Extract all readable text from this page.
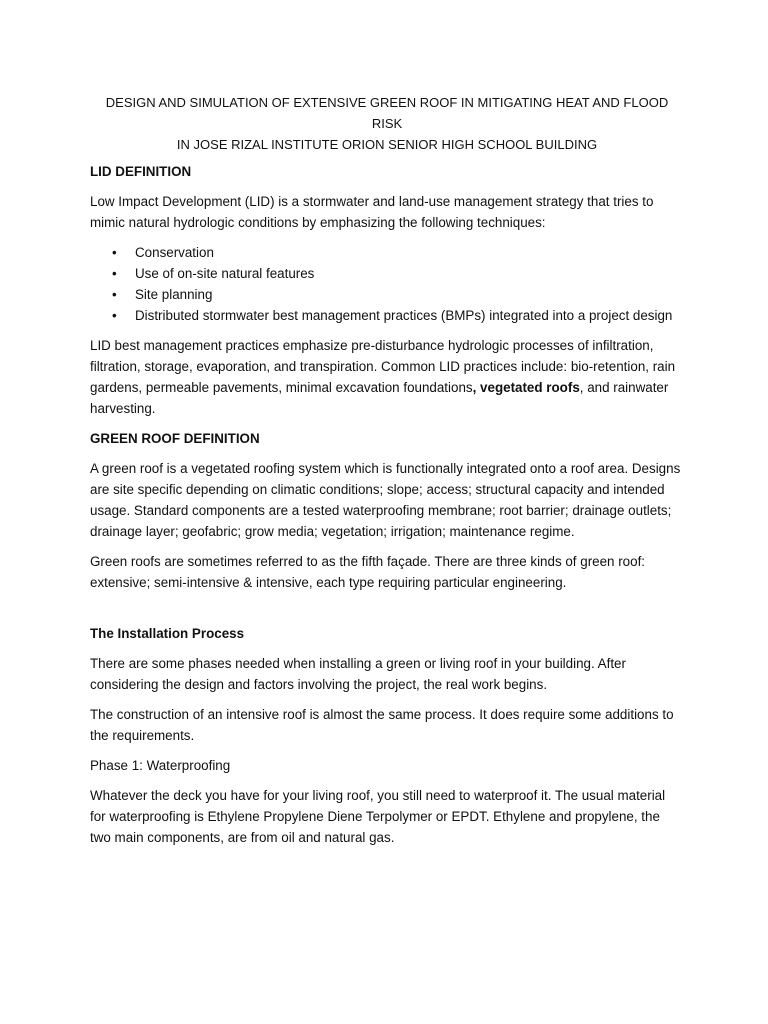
DESIGN AND SIMULATION OF EXTENSIVE GREEN ROOF IN MITIGATING HEAT AND FLOOD RISK
IN JOSE RIZAL INSTITUTE ORION SENIOR HIGH SCHOOL BUILDING
LID DEFINITION

Low Impact Development (LID) is a stormwater and land-use management strategy that tries to mimic natural hydrologic conditions by emphasizing the following techniques:

• Conservation
• Use of on-site natural features
• Site planning
• Distributed stormwater best management practices (BMPs) integrated into a project design

LID best management practices emphasize pre-disturbance hydrologic processes of infiltration, filtration, storage, evaporation, and transpiration. Common LID practices include: bio-retention, rain gardens, permeable pavements, minimal excavation foundations, vegetated roofs, and rainwater harvesting.

GREEN ROOF DEFINITION

A green roof is a vegetated roofing system which is functionally integrated onto a roof area. Designs are site specific depending on climatic conditions; slope; access; structural capacity and intended usage. Standard components are a tested waterproofing membrane; root barrier; drainage outlets; drainage layer; geofabric; grow media; vegetation; irrigation; maintenance regime.

Green roofs are sometimes referred to as the fifth façade. There are three kinds of green roof: extensive; semi-intensive & intensive, each type requiring particular engineering.

The Installation Process

There are some phases needed when installing a green or living roof in your building. After considering the design and factors involving the project, the real work begins.

The construction of an intensive roof is almost the same process. It does require some additions to the requirements.

Phase 1: Waterproofing

Whatever the deck you have for your living roof, you still need to waterproof it. The usual material for waterproofing is Ethylene Propylene Diene Terpolymer or EPDT. Ethylene and propylene, the two main components, are from oil and natural gas.
